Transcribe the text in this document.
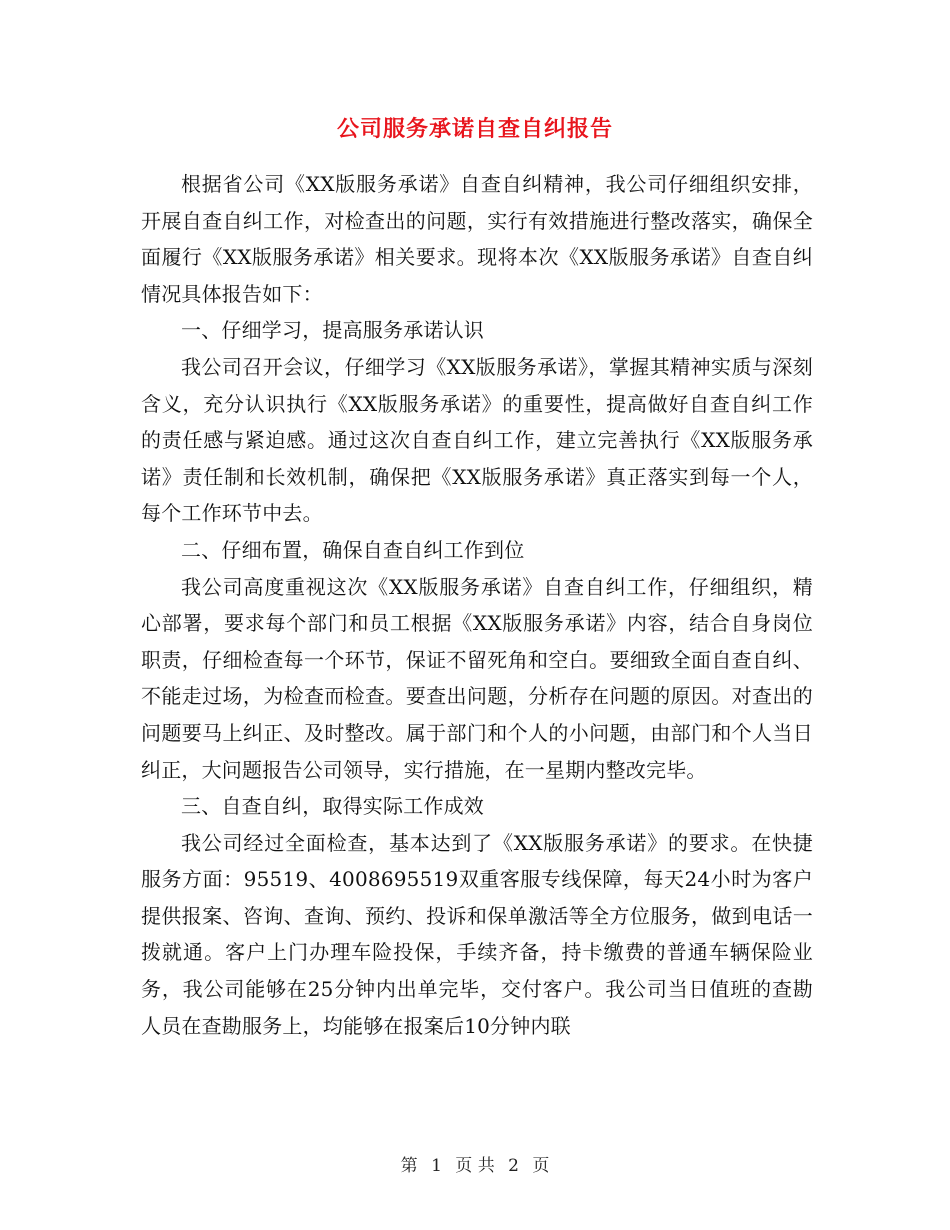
公司服务承诺自查自纠报告

根据省公司《XX版服务承诺》自查自纠精神，我公司仔细组织安排，开展自查自纠工作，对检查出的问题，实行有效措施进行整改落实，确保全面履行《XX版服务承诺》相关要求。现将本次《XX版服务承诺》自查自纠情况具体报告如下：

一、仔细学习，提高服务承诺认识

我公司召开会议，仔细学习《XX版服务承诺》，掌握其精神实质与深刻含义，充分认识执行《XX版服务承诺》的重要性，提高做好自查自纠工作的责任感与紧迫感。通过这次自查自纠工作，建立完善执行《XX版服务承诺》责任制和长效机制，确保把《XX版服务承诺》真正落实到每一个人，每个工作环节中去。

二、仔细布置，确保自查自纠工作到位

我公司高度重视这次《XX版服务承诺》自查自纠工作，仔细组织，精心部署，要求每个部门和员工根据《XX版服务承诺》内容，结合自身岗位职责，仔细检查每一个环节，保证不留死角和空白。要细致全面自查自纠、不能走过场，为检查而检查。要查出问题，分析存在问题的原因。对查出的问题要马上纠正、及时整改。属于部门和个人的小问题，由部门和个人当日纠正，大问题报告公司领导，实行措施，在一星期内整改完毕。

三、自查自纠，取得实际工作成效

我公司经过全面检查，基本达到了《XX版服务承诺》的要求。在快捷服务方面：95519、4008695519双重客服专线保障，每天24小时为客户提供报案、咨询、查询、预约、投诉和保单激活等全方位服务，做到电话一拨就通。客户上门办理车险投保，手续齐备，持卡缴费的普通车辆保险业务，我公司能够在25分钟内出单完毕，交付客户。我公司当日值班的查勘人员在查勘服务上，均能够在报案后10分钟内联

第 1 页 共 2 页
